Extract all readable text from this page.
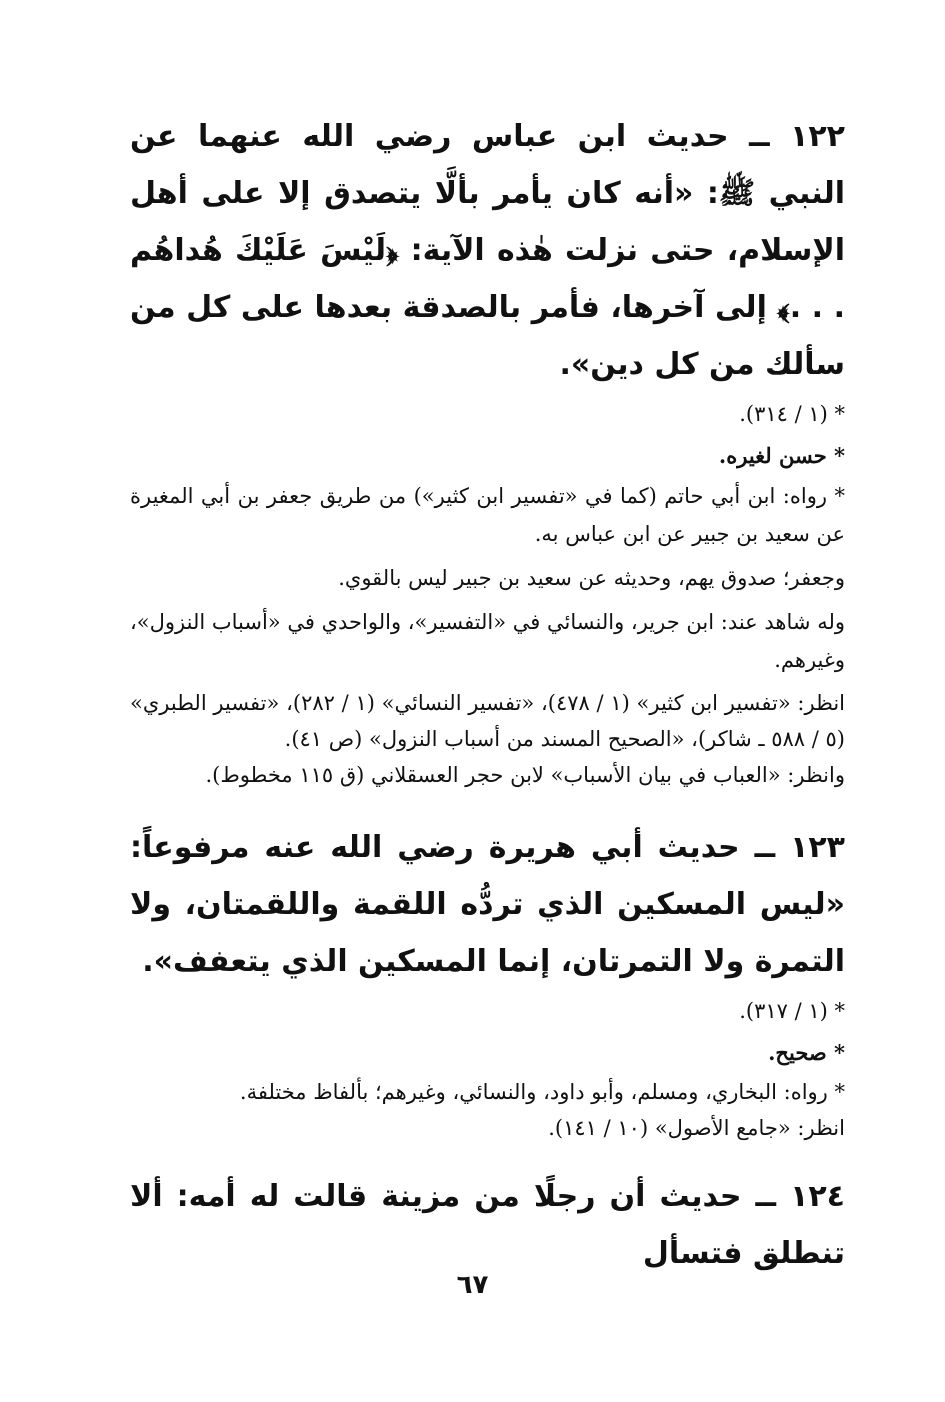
١٢٢ ــ حديث ابن عباس رضي الله عنهما عن النبي ﷺ: «أنه كان يأمر بألَّا يتصدق إلا على أهل الإسلام، حتى نزلت هٰذه الآية: ﴿لَيْسَ عَلَيْكَ هُداهُم . . .﴾ إلى آخرها، فأمر بالصدقة بعدها على كل من سألك من كل دين».

* (١ / ٣١٤).

* حسن لغيره.

* رواه: ابن أبي حاتم (كما في «تفسير ابن كثير») من طريق جعفر بن أبي المغيرة عن سعيد بن جبير عن ابن عباس به.

وجعفر؛ صدوق يهم، وحديثه عن سعيد بن جبير ليس بالقوي.

وله شاهد عند: ابن جرير، والنسائي في «التفسير»، والواحدي في «أسباب النزول»، وغيرهم.

انظر: «تفسير ابن كثير» (١ / ٤٧٨)، «تفسير النسائي» (١ / ٢٨٢)، «تفسير الطبري» (٥ / ٥٨٨ ـ شاكر)، «الصحيح المسند من أسباب النزول» (ص ٤١).

وانظر: «العباب في بيان الأسباب» لابن حجر العسقلاني (ق ١١٥ مخطوط).

١٢٣ ــ حديث أبي هريرة رضي الله عنه مرفوعاً: «ليس المسكين الذي تردُّه اللقمة واللقمتان، ولا التمرة ولا التمرتان، إنما المسكين الذي يتعفف».

* (١ / ٣١٧).

* صحيح.

* رواه: البخاري، ومسلم، وأبو داود، والنسائي، وغيرهم؛ بألفاظ مختلفة.

انظر: «جامع الأصول» (١٠ / ١٤١).

١٢٤ ــ حديث أن رجلًا من مزينة قالت له أمه: ألا تنطلق فتسأل

٦٧
